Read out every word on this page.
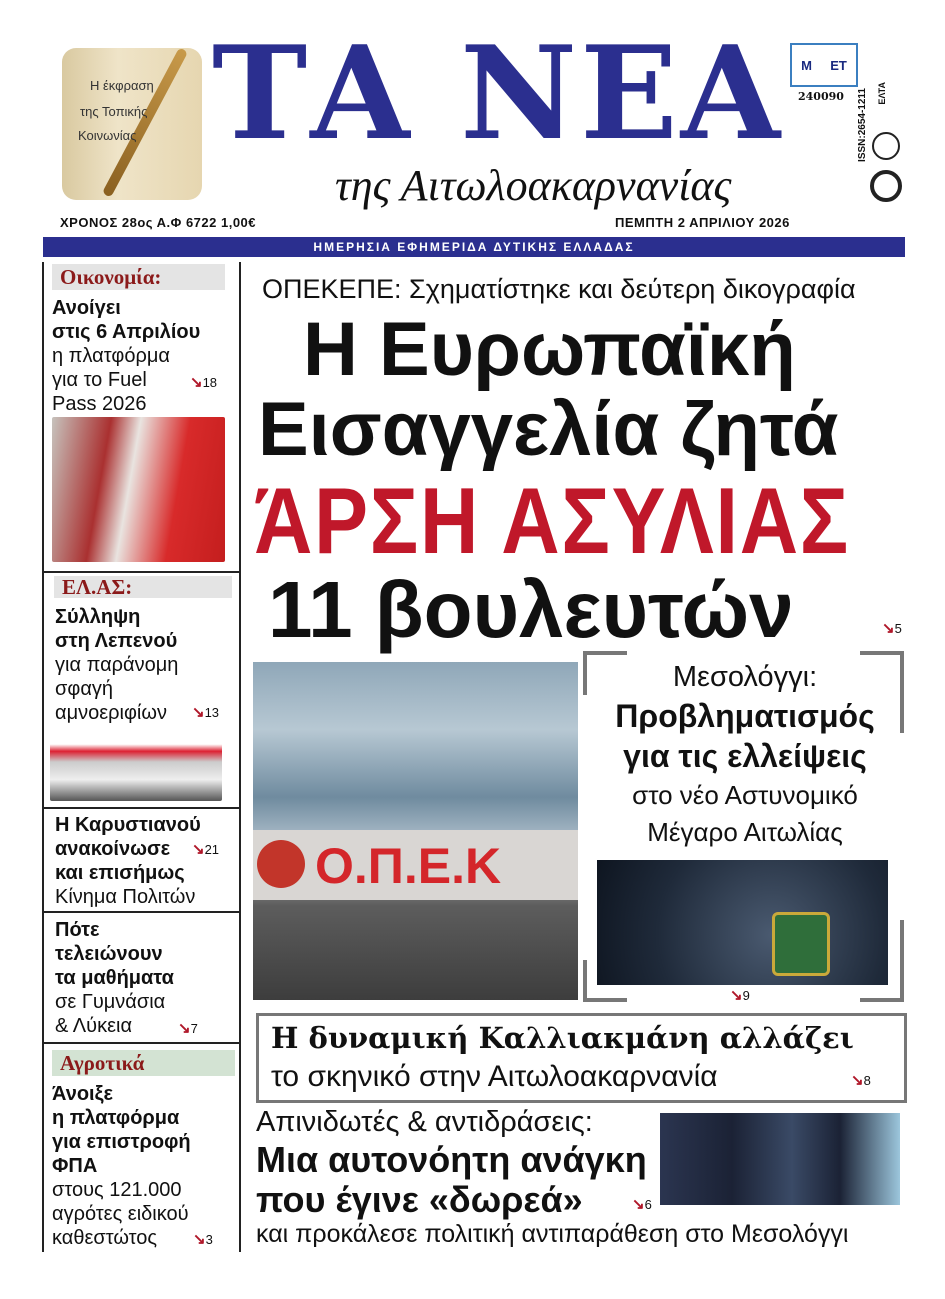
Η έκφραση
της Τοπικής
Κοινωνίας ΤΑ ΝΕΑ
της Αιτωλοακαρνανίας
Μ ΕΤ
240090 ISSN:2654-1211 ΕΛΤΑ
ΧΡΟΝΟΣ 28ος Α.Φ 6722 1,00€	ΠΕΜΠΤΗ 2 ΑΠΡΙΛΙΟΥ 2026
ΗΜΕΡΗΣΙΑ ΕΦΗΜΕΡΙΔΑ ΔΥΤΙΚΗΣ ΕΛΛΑΔΑΣ
Οικονομία:
Ανοίγει
στις 6 Απριλίου
η πλατφόρμα
για το Fuel
Pass 2026
↘18
ΕΛ.ΑΣ:
Σύλληψη
στη Λεπενού
για παράνομη
σφαγή
αμνοεριφίων	↘13
Η Καρυστιανού
ανακοίνωσε
και επισήμως
Κίνημα Πολιτών
↘21
Πότε
τελειώνουν
τα μαθήματα
σε Γυμνάσια
& Λύκεια	↘7
Αγροτικά
Άνοιξε
η πλατφόρμα
για επιστροφή
ΦΠΑ
στους 121.000
αγρότες ειδικού
καθεστώτος	↘3
ΟΠΕΚΕΠΕ: Σχηματίστηκε και δεύτερη δικογραφία
Η Ευρωπαϊκή
Εισαγγελία ζητά
ΆΡΣΗ ΑΣΥΛΙΑΣ
11 βουλευτών	↘5
Ο.Π.Ε.Κ
Μεσολόγγι:
Προβληματισμός
για τις ελλείψεις
στο νέο Αστυνομικό
Μέγαρο Αιτωλίας
↘9
Η δυναμική Καλλιακμάνη αλλάζει
το σκηνικό στην Αιτωλοακαρνανία	↘8
Απινιδωτές & αντιδράσεις:
Μια αυτονόητη ανάγκη
που έγινε «δωρεά»	↘6
και προκάλεσε πολιτική αντιπαράθεση στο Μεσολόγγι
